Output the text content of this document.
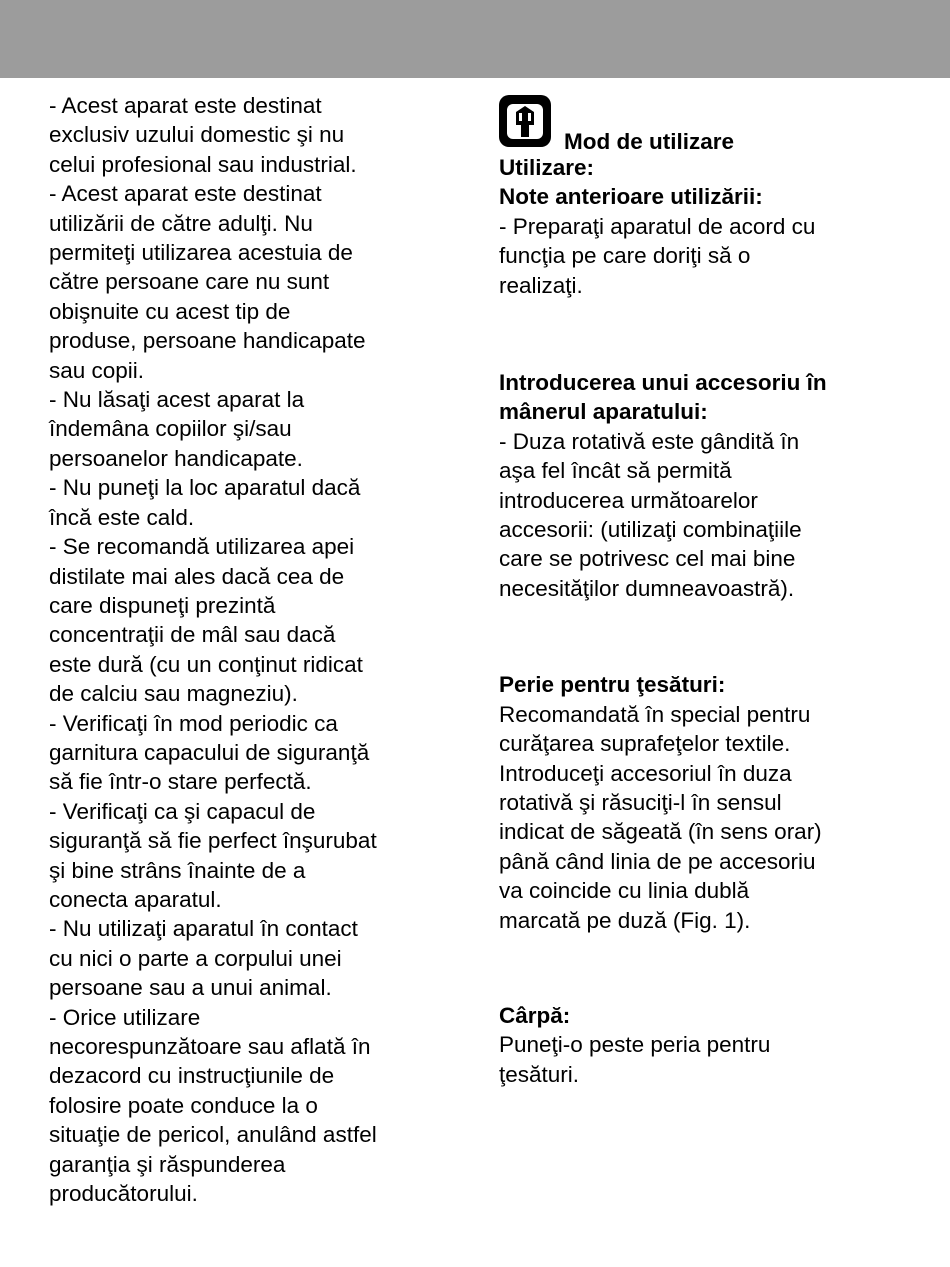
- Acest aparat este destinat
exclusiv uzului domestic şi nu
celui profesional sau industrial.
- Acest aparat este destinat
utilizării de către adulţi. Nu
permiteţi utilizarea acestuia de
către persoane care nu sunt
obişnuite cu acest tip de
produse, persoane handicapate
sau copii.
- Nu lăsaţi acest aparat la
îndemâna copiilor şi/sau
persoanelor handicapate.
- Nu puneţi la loc aparatul dacă
încă este cald.
- Se recomandă utilizarea apei
distilate mai ales dacă cea de
care dispuneţi prezintă
concentraţii de mâl sau dacă
este dură (cu un conţinut ridicat
de calciu sau magneziu).
- Verificaţi în mod periodic ca
garnitura capacului de siguranţă
să fie într-o stare perfectă.
- Verificaţi ca şi capacul de
siguranţă să fie perfect înşurubat
şi bine strâns înainte de a
conecta aparatul.
- Nu utilizaţi aparatul în contact
cu nici o parte a corpului unei
persoane sau a unui animal.
- Orice utilizare
necorespunzătoare sau aflată în
dezacord cu instrucţiunile de
folosire poate conduce la o
situaţie de pericol, anulând astfel
garanţia şi răspunderea
producătorului.

Mod de utilizare

Utilizare:

Note anterioare utilizării:

- Preparaţi aparatul de acord cu
funcţia pe care doriţi să o
realizaţi.

Introducerea unui accesoriu în
mânerul aparatului:

- Duza rotativă este gândită în
aşa fel încât să permită
introducerea următoarelor
accesorii: (utilizaţi combinaţiile
care se potrivesc cel mai bine
necesităţilor dumneavoastră).

Perie pentru ţesături:

Recomandată în special pentru
curăţarea suprafeţelor textile.
Introduceţi accesoriul în duza
rotativă şi răsuciţi-l în sensul
indicat de săgeată (în sens orar)
până când linia de pe accesoriu
va coincide cu linia dublă
marcată pe duză (Fig. 1).

Cârpă:

Puneţi-o peste peria pentru
ţesături.
